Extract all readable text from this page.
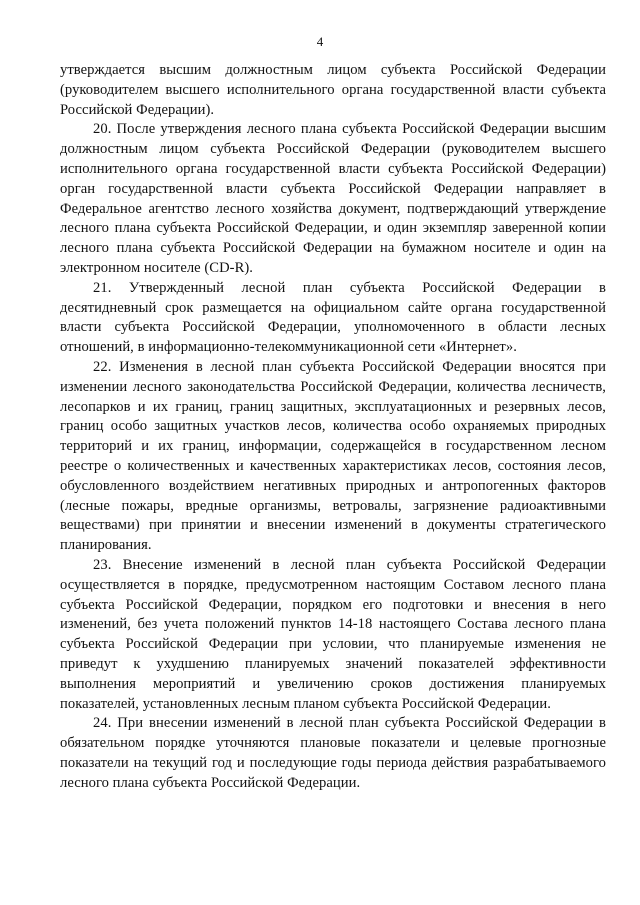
4

утверждается высшим должностным лицом субъекта Российской Федерации (руководителем высшего исполнительного органа государственной власти субъекта Российской Федерации).

20. После утверждения лесного плана субъекта Российской Федерации высшим должностным лицом субъекта Российской Федерации (руководителем высшего исполнительного органа государственной власти субъекта Российской Федерации) орган государственной власти субъекта Российской Федерации направляет в Федеральное агентство лесного хозяйства документ, подтверждающий утверждение лесного плана субъекта Российской Федерации, и один экземпляр заверенной копии лесного плана субъекта Российской Федерации на бумажном носителе и один на электронном носителе (CD-R).

21. Утвержденный лесной план субъекта Российской Федерации в десятидневный срок размещается на официальном сайте органа государственной власти субъекта Российской Федерации, уполномоченного в области лесных отношений, в информационно-телекоммуникационной сети «Интернет».

22. Изменения в лесной план субъекта Российской Федерации вносятся при изменении лесного законодательства Российской Федерации, количества лесничеств, лесопарков и их границ, границ защитных, эксплуатационных и резервных лесов, границ особо защитных участков лесов, количества особо охраняемых природных территорий и их границ, информации, содержащейся в государственном лесном реестре о количественных и качественных характеристиках лесов, состояния лесов, обусловленного воздействием негативных природных и антропогенных факторов (лесные пожары, вредные организмы, ветровалы, загрязнение радиоактивными веществами) при принятии и внесении изменений в документы стратегического планирования.

23. Внесение изменений в лесной план субъекта Российской Федерации осуществляется в порядке, предусмотренном настоящим Составом лесного плана субъекта Российской Федерации, порядком его подготовки и внесения в него изменений, без учета положений пунктов 14-18 настоящего Состава лесного плана субъекта Российской Федерации при условии, что планируемые изменения не приведут к ухудшению планируемых значений показателей эффективности выполнения мероприятий и увеличению сроков достижения планируемых показателей, установленных лесным планом субъекта Российской Федерации.

24. При внесении изменений в лесной план субъекта Российской Федерации в обязательном порядке уточняются плановые показатели и целевые прогнозные показатели на текущий год и последующие годы периода действия разрабатываемого лесного плана субъекта Российской Федерации.
